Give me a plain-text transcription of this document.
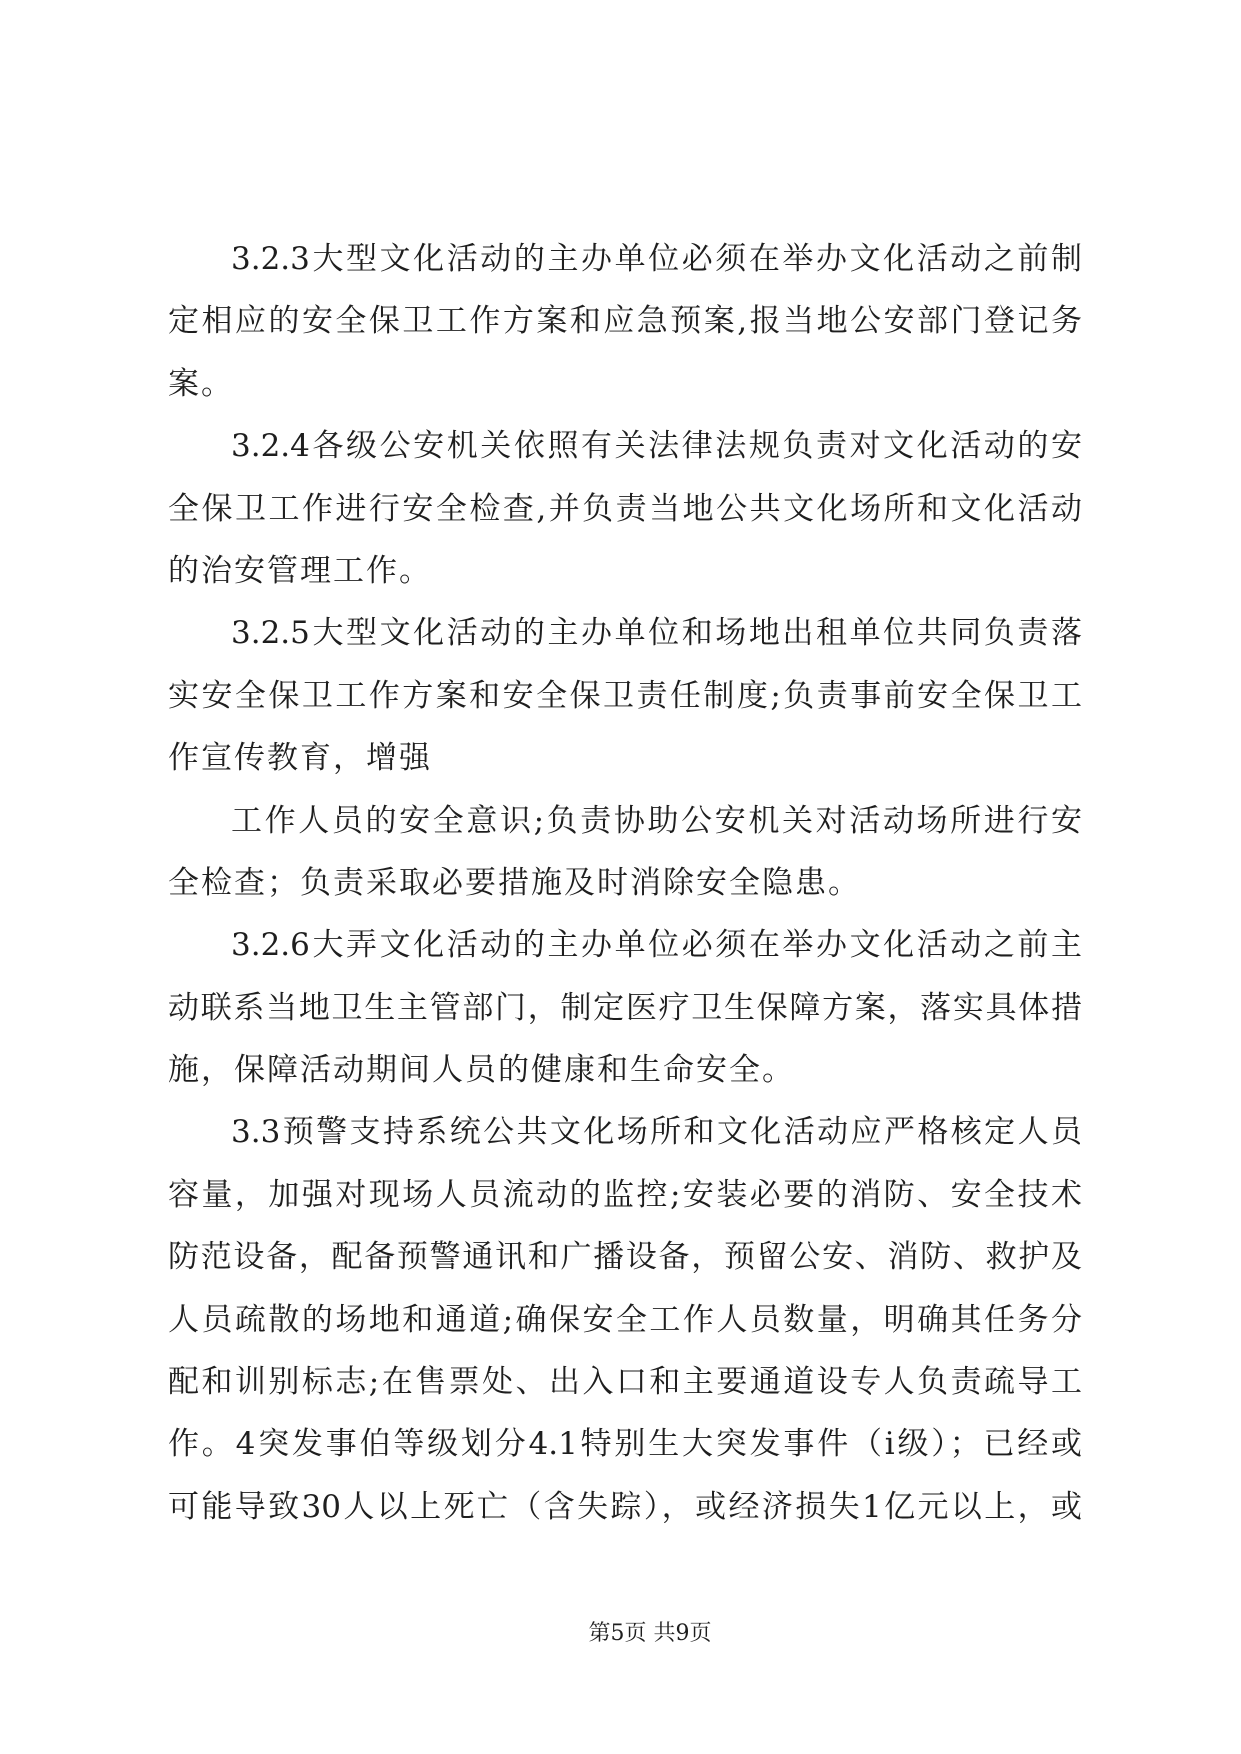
3.2.3大型文化活动的主办单位必须在举办文化活动之前制
定相应的安全保卫工作方案和应急预案,报当地公安部门登记务
案。
3.2.4各级公安机关依照有关法律法规负责对文化活动的安
全保卫工作进行安全检查,并负责当地公共文化场所和文化活动
的治安管理工作。
3.2.5大型文化活动的主办单位和场地出租单位共同负责落
实安全保卫工作方案和安全保卫责任制度;负责事前安全保卫工
作宣传教育，增强
工作人员的安全意识;负责协助公安机关对活动场所进行安
全检查；负责采取必要措施及时消除安全隐患。
3.2.6大弄文化活动的主办单位必须在举办文化活动之前主
动联系当地卫生主管部门，制定医疗卫生保障方案，落实具体措
施，保障活动期间人员的健康和生命安全。
3.3预警支持系统公共文化场所和文化活动应严格核定人员
容量，加强对现场人员流动的监控;安装必要的消防、安全技术
防范设备，配备预警通讯和广播设备，预留公安、消防、救护及
人员疏散的场地和通道;确保安全工作人员数量，明确其任务分
配和训别标志;在售票处、出入口和主要通道设专人负责疏导工
作。4突发事伯等级划分4.1特别生大突发事件（i级）；已经或
可能导致30人以上死亡（含失踪），或经济损失1亿元以上，或
第5页 共9页
